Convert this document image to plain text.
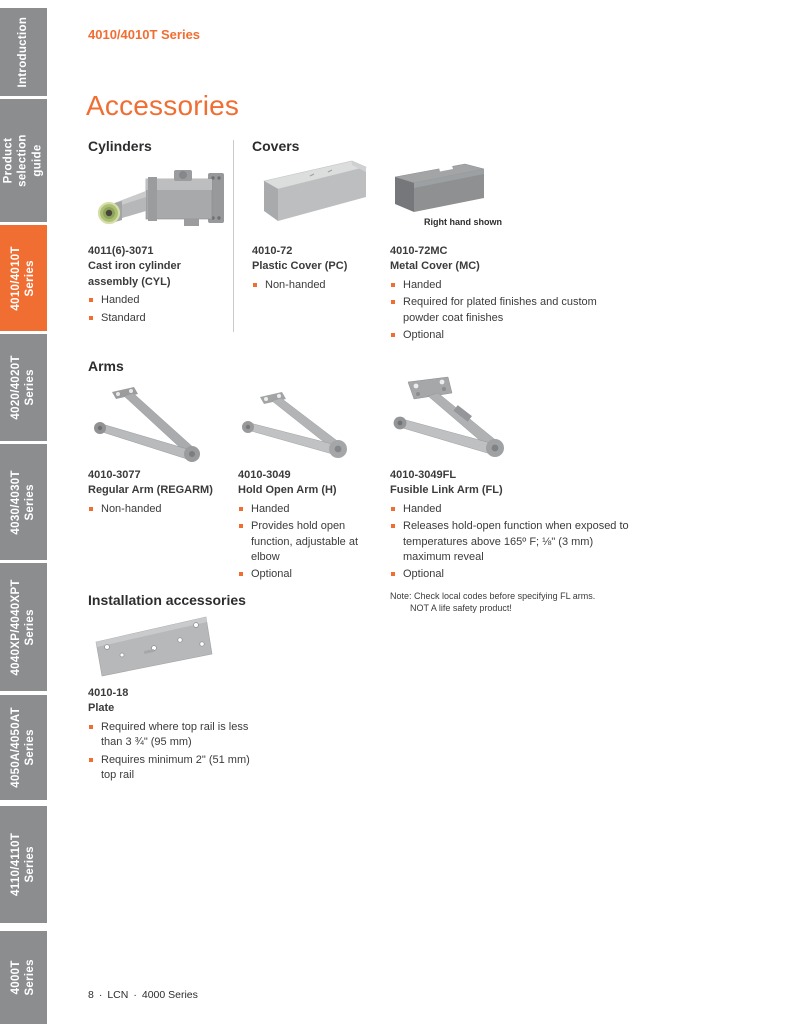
Introduction
Product selection
guide
4010/4010T
Series
4020/4020T
Series
4030/4030T
Series
4040XP/4040XPT
Series
4050A/4050AT
Series
4110/4110T
Series
4000T
Series
4010/4010T Series
Accessories
Cylinders
4011(6)-3071
Cast iron cylinder assembly (CYL)
Handed
Standard
Covers
Right hand shown
4010-72
Plastic Cover (PC)
Non-handed
4010-72MC
Metal Cover (MC)
Handed
Required for plated finishes and custom powder coat finishes
Optional
Arms
4010-3077
Regular Arm (REGARM)
Non-handed
4010-3049
Hold Open Arm (H)
Handed
Provides hold open function, adjustable at elbow
Optional
4010-3049FL
Fusible Link Arm (FL)
Handed
Releases hold-open function when exposed to temperatures above 165º F; ⅛" (3 mm) maximum reveal
Optional
Note: Check local codes before specifying FL arms.
NOT A life safety product!
Installation accessories
4010-18
Plate
Required where top rail is less than 3 ¾" (95 mm)
Requires minimum 2" (51 mm) top rail
8 · LCN · 4000 Series
